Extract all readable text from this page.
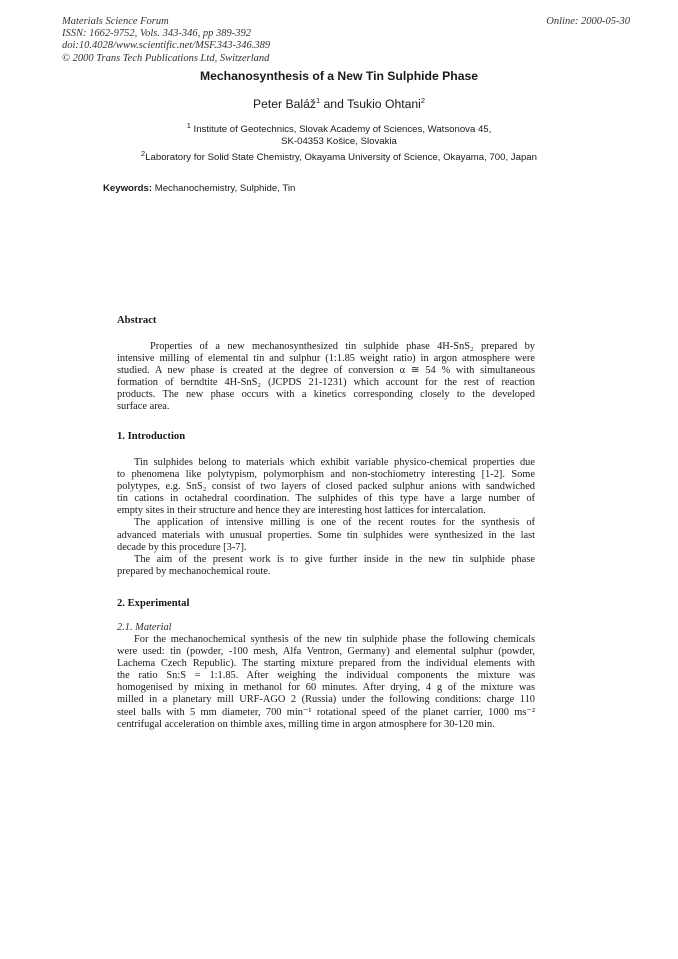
Materials Science Forum
ISSN: 1662-9752, Vols. 343-346, pp 389-392
doi:10.4028/www.scientific.net/MSF.343-346.389
© 2000 Trans Tech Publications Ltd, Switzerland
Online: 2000-05-30
Mechanosynthesis of a New Tin Sulphide Phase
Peter Baláž$^1$ and Tsukio Ohtani$^2$
$^1$ Institute of Geotechnics, Slovak Academy of Sciences, Watsonova 45,
SK-04353 Košice, Slovakia
$^2$Laboratory for Solid State Chemistry, Okayama University of Science, Okayama, 700, Japan
Keywords: Mechanochemistry, Sulphide, Tin
Abstract
Properties of a new mechanosynthesized tin sulphide phase 4H-SnS₂ prepared by
intensive milling of elemental tin and sulphur (1:1.85 weight ratio) in argon atmosphere were
studied. A new phase is created at the degree of conversion α ≅ 54 % with simultaneous
formation of berndtite 4H-SnS₂ (JCPDS 21-1231) which account for the rest of reaction
products. The new phase occurs with a kinetics corresponding closely to the developed
surface area.
1. Introduction
Tin sulphides belong to materials which exhibit variable physico-chemical properties due
to phenomena like polytypism, polymorphism and non-stochiometry interesting [1-2]. Some
polytypes, e.g. SnS₂ consist of two layers of closed packed sulphur anions with sandwiched
tin cations in octahedral coordination. The sulphides of this type have a large number of
empty sites in their structure and hence they are interesting host lattices for intercalation.
The application of intensive milling is one of the recent routes for the synthesis of
advanced materials with unusual properties. Some tin sulphides were synthesized in the last
decade by this procedure [3-7].
The aim of the present work is to give further inside in the new tin sulphide phase
prepared by mechanochemical route.
2. Experimental
2.1. Material
For the mechanochemical synthesis of the new tin sulphide phase the following chemicals
were used: tin (powder, -100 mesh, Alfa Ventron, Germany) and elemental sulphur (powder,
Lachema Czech Republic). The starting mixture prepared from the individual elements with
the ratio Sn:S = 1:1.85. After weighing the individual components the mixture was
homogenised by mixing in methanol for 60 minutes. After drying, 4 g of the mixture was
milled in a planetary mill URF-AGO 2 (Russia) under the following conditions: charge 110
steel balls with 5 mm diameter, 700 min⁻¹ rotational speed of the planet carrier, 1000 ms⁻²
centrifugal acceleration on thimble axes, milling time in argon atmosphere for 30-120 min.
